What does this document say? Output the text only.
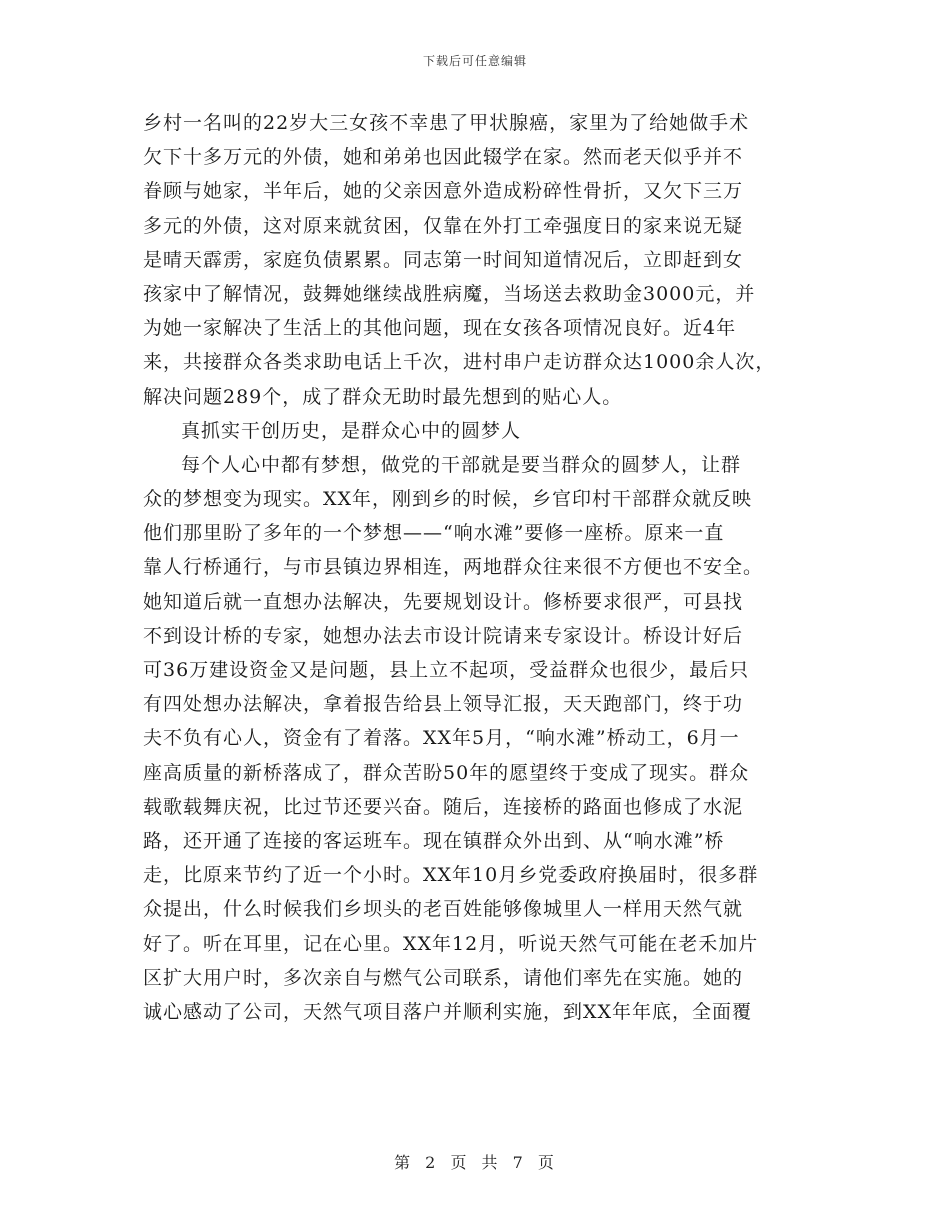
下载后可任意编辑
乡村一名叫的22岁大三女孩不幸患了甲状腺癌，家里为了给她做手术
欠下十多万元的外债，她和弟弟也因此辍学在家。然而老天似乎并不
眷顾与她家，半年后，她的父亲因意外造成粉碎性骨折，又欠下三万
多元的外债，这对原来就贫困，仅靠在外打工牵强度日的家来说无疑
是晴天霹雳，家庭负债累累。同志第一时间知道情况后，立即赶到女
孩家中了解情况，鼓舞她继续战胜病魔，当场送去救助金3000元，并
为她一家解决了生活上的其他问题，现在女孩各项情况良好。近4年
来，共接群众各类求助电话上千次，进村串户走访群众达1000余人次，
解决问题289个，成了群众无助时最先想到的贴心人。
真抓实干创历史，是群众心中的圆梦人
每个人心中都有梦想，做党的干部就是要当群众的圆梦人，让群
众的梦想变为现实。XX年，刚到乡的时候，乡官印村干部群众就反映
他们那里盼了多年的一个梦想——“响水滩”要修一座桥。原来一直
靠人行桥通行，与市县镇边界相连，两地群众往来很不方便也不安全。
她知道后就一直想办法解决，先要规划设计。修桥要求很严，可县找
不到设计桥的专家，她想办法去市设计院请来专家设计。桥设计好后
可36万建设资金又是问题，县上立不起项，受益群众也很少，最后只
有四处想办法解决，拿着报告给县上领导汇报，天天跑部门，终于功
夫不负有心人，资金有了着落。XX年5月，“响水滩”桥动工，6月一
座高质量的新桥落成了，群众苦盼50年的愿望终于变成了现实。群众
载歌载舞庆祝，比过节还要兴奋。随后，连接桥的路面也修成了水泥
路，还开通了连接的客运班车。现在镇群众外出到、从“响水滩”桥
走，比原来节约了近一个小时。XX年10月乡党委政府换届时，很多群
众提出，什么时候我们乡坝头的老百姓能够像城里人一样用天然气就
好了。听在耳里，记在心里。XX年12月，听说天然气可能在老禾加片
区扩大用户时，多次亲自与燃气公司联系，请他们率先在实施。她的
诚心感动了公司，天然气项目落户并顺利实施，到XX年年底，全面覆
第 2 页 共 7 页
